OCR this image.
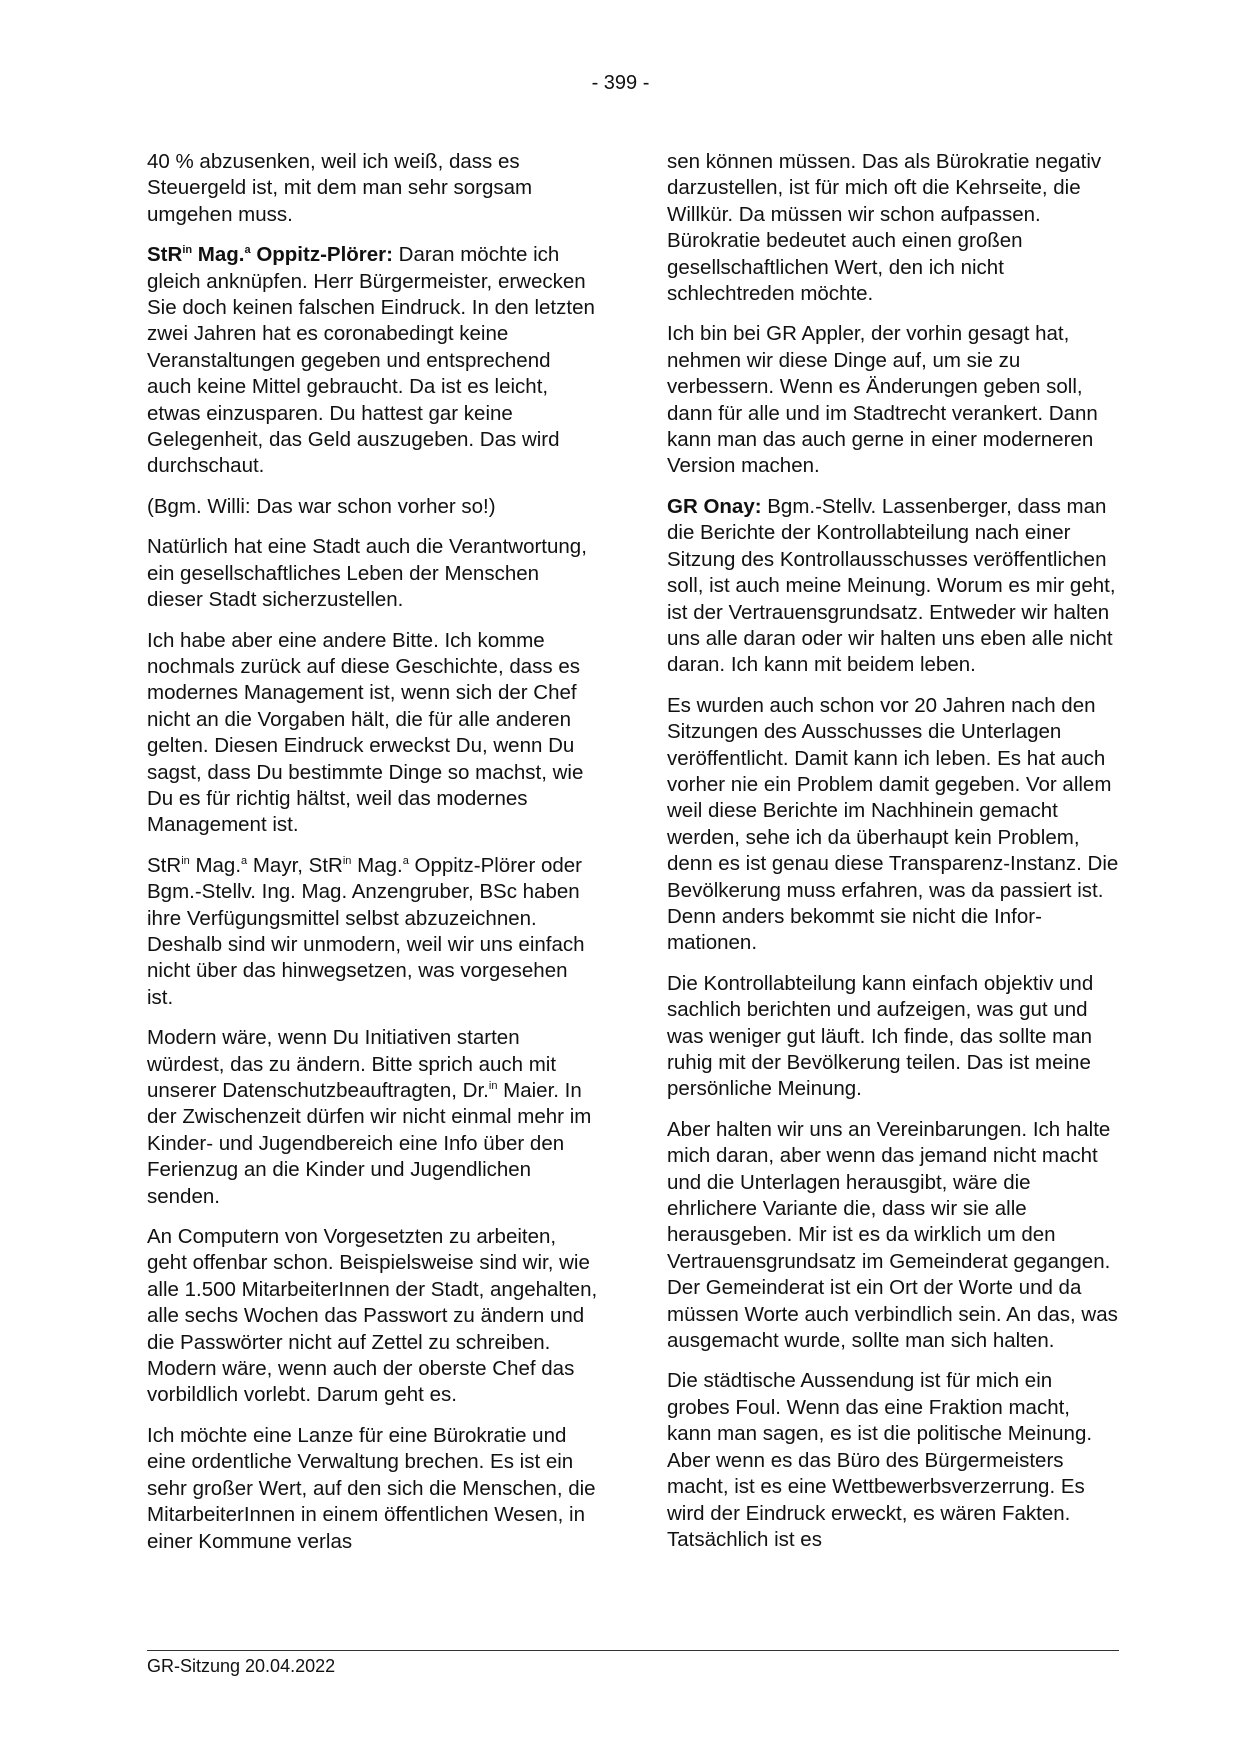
- 399 -

40 % abzusenken, weil ich weiß, dass es Steuergeld ist, mit dem man sehr sorgsam umgehen muss.

StR$^{in}$ Mag.$^a$ Oppitz-Plörer: Daran möchte ich gleich anknüpfen. Herr Bürgermeister, erwecken Sie doch keinen falschen Eindruck. In den letzten zwei Jahren hat es coronabedingt keine Veranstaltungen gegeben und entsprechend auch keine Mittel gebraucht. Da ist es leicht, etwas einzusparen. Du hattest gar keine Gelegenheit, das Geld auszugeben. Das wird durchschaut.

(Bgm. Willi: Das war schon vorher so!)

Natürlich hat eine Stadt auch die Verantwortung, ein gesellschaftliches Leben der Menschen dieser Stadt sicherzustellen.

Ich habe aber eine andere Bitte. Ich komme nochmals zurück auf diese Geschichte, dass es modernes Management ist, wenn sich der Chef nicht an die Vorgaben hält, die für alle anderen gelten. Diesen Eindruck erweckst Du, wenn Du sagst, dass Du bestimmte Dinge so machst, wie Du es für richtig hältst, weil das modernes Management ist.

StR$^{in}$ Mag.$^a$ Mayr, StR$^{in}$ Mag.$^a$ Oppitz-Plörer oder Bgm.-Stellv. Ing. Mag. Anzengruber, BSc haben ihre Verfügungsmittel selbst abzuzeichnen. Deshalb sind wir unmodern, weil wir uns einfach nicht über das hinwegsetzen, was vorgesehen ist.

Modern wäre, wenn Du Initiativen starten würdest, das zu ändern. Bitte sprich auch mit unserer Datenschutzbeauftragten, Dr.$^{in}$ Maier. In der Zwischenzeit dürfen wir nicht einmal mehr im Kinder- und Jugendbereich eine Info über den Ferienzug an die Kinder und Jugendlichen senden.

An Computern von Vorgesetzten zu arbeiten, geht offenbar schon. Beispielsweise sind wir, wie alle 1.500 MitarbeiterInnen der Stadt, angehalten, alle sechs Wochen das Passwort zu ändern und die Passwörter nicht auf Zettel zu schreiben. Modern wäre, wenn auch der oberste Chef das vorbildlich vorlebt. Darum geht es.

Ich möchte eine Lanze für eine Bürokratie und eine ordentliche Verwaltung brechen. Es ist ein sehr großer Wert, auf den sich die Menschen, die MitarbeiterInnen in einem öffentlichen Wesen, in einer Kommune verlas

sen können müssen. Das als Bürokratie negativ darzustellen, ist für mich oft die Kehrseite, die Willkür. Da müssen wir schon aufpassen. Bürokratie bedeutet auch einen großen gesellschaftlichen Wert, den ich nicht schlechtreden möchte.

Ich bin bei GR Appler, der vorhin gesagt hat, nehmen wir diese Dinge auf, um sie zu verbessern. Wenn es Änderungen geben soll, dann für alle und im Stadtrecht verankert. Dann kann man das auch gerne in einer moderneren Version machen.

GR Onay: Bgm.-Stellv. Lassenberger, dass man die Berichte der Kontrollabteilung nach einer Sitzung des Kontrollausschusses veröffentlichen soll, ist auch meine Meinung. Worum es mir geht, ist der Vertrauensgrundsatz. Entweder wir halten uns alle daran oder wir halten uns eben alle nicht daran. Ich kann mit beidem leben.

Es wurden auch schon vor 20 Jahren nach den Sitzungen des Ausschusses die Unterlagen veröffentlicht. Damit kann ich leben. Es hat auch vorher nie ein Problem damit gegeben. Vor allem weil diese Berichte im Nachhinein gemacht werden, sehe ich da überhaupt kein Problem, denn es ist genau diese Transparenz-Instanz. Die Bevölkerung muss erfahren, was da passiert ist. Denn anders bekommt sie nicht die Informationen.

Die Kontrollabteilung kann einfach objektiv und sachlich berichten und aufzeigen, was gut und was weniger gut läuft. Ich finde, das sollte man ruhig mit der Bevölkerung teilen. Das ist meine persönliche Meinung.

Aber halten wir uns an Vereinbarungen. Ich halte mich daran, aber wenn das jemand nicht macht und die Unterlagen herausgibt, wäre die ehrlichere Variante die, dass wir sie alle herausgeben. Mir ist es da wirklich um den Vertrauensgrundsatz im Gemeinderat gegangen. Der Gemeinderat ist ein Ort der Worte und da müssen Worte auch verbindlich sein. An das, was ausgemacht wurde, sollte man sich halten.

Die städtische Aussendung ist für mich ein grobes Foul. Wenn das eine Fraktion macht, kann man sagen, es ist die politische Meinung. Aber wenn es das Büro des Bürgermeisters macht, ist es eine Wettbewerbsverzerrung. Es wird der Eindruck erweckt, es wären Fakten. Tatsächlich ist es

GR-Sitzung 20.04.2022
